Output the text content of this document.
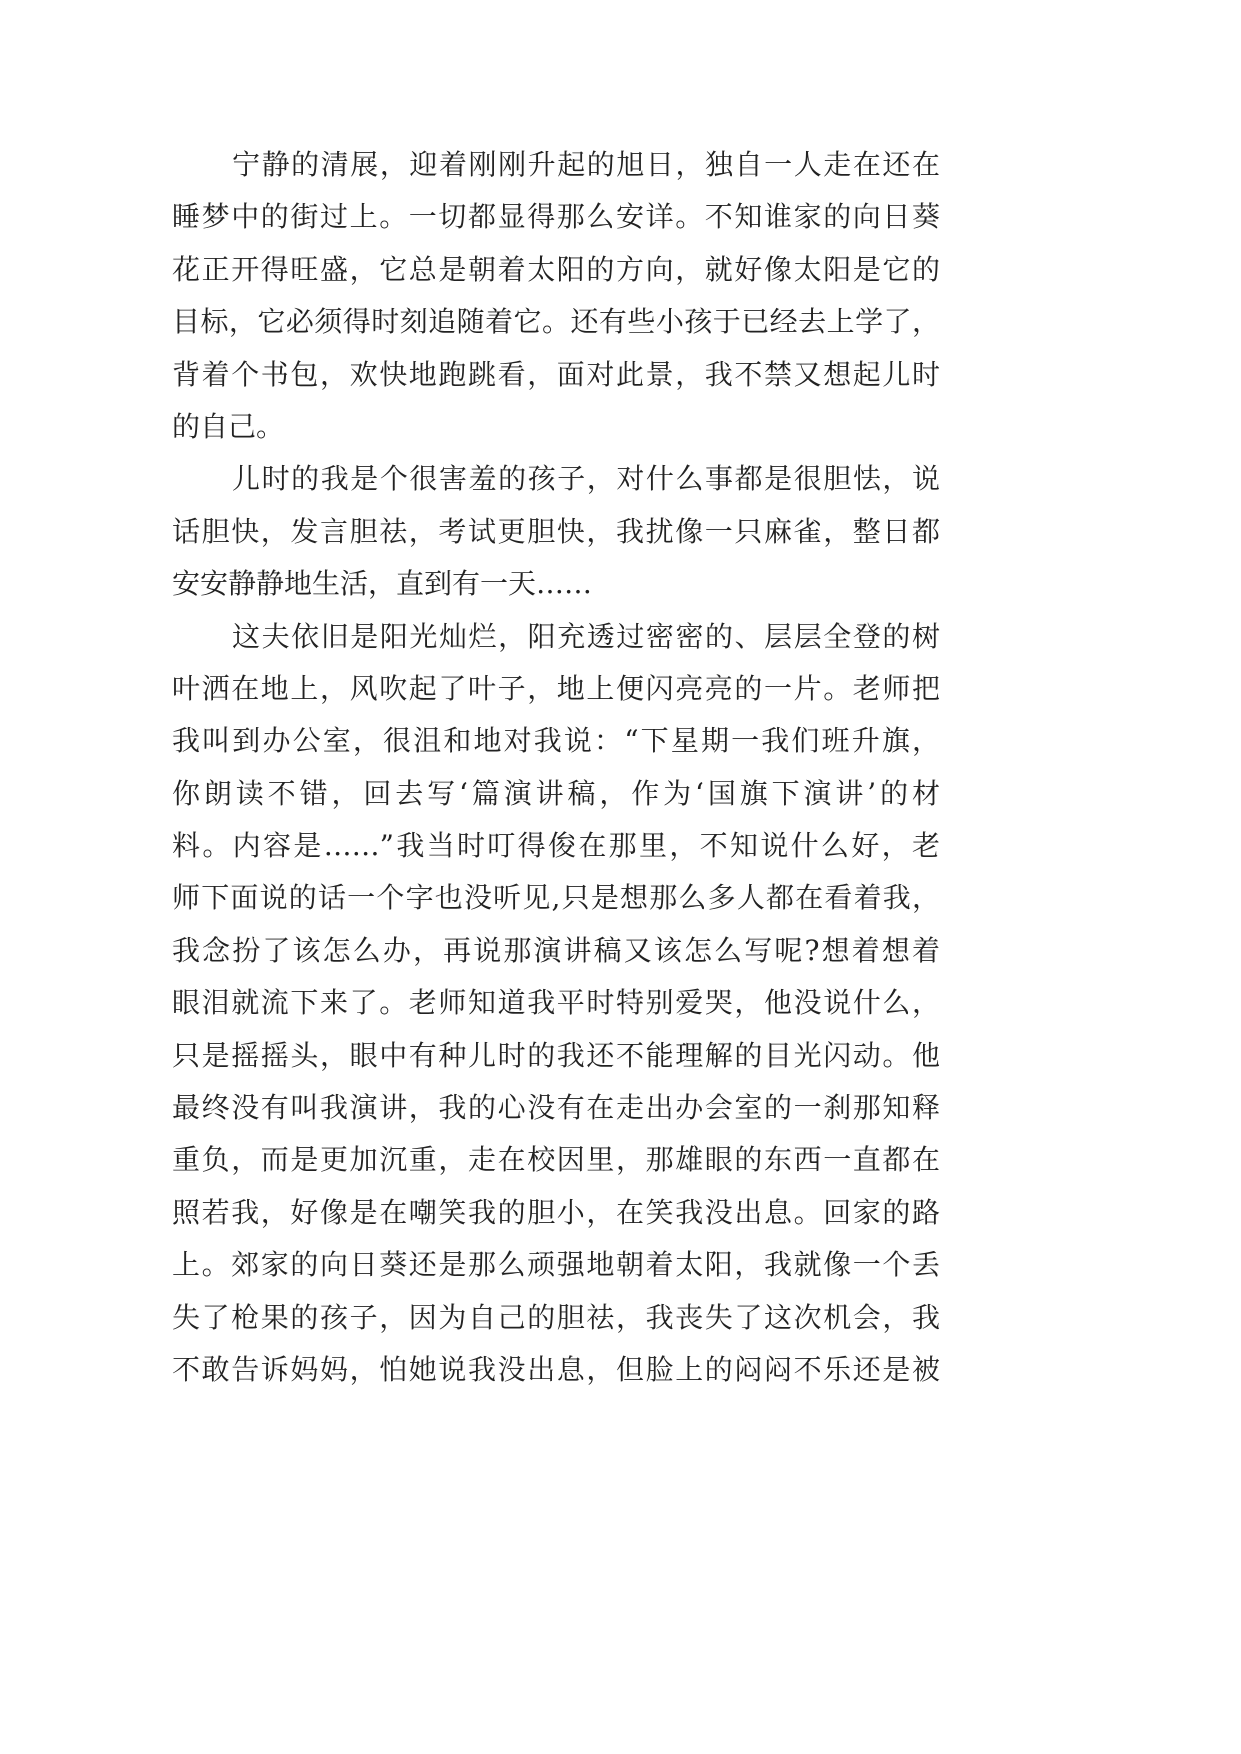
宁静的清展，迎着刚刚升起的旭日，独自一人走在还在
睡梦中的街过上。一切都显得那么安详。不知谁家的向日葵
花正开得旺盛，它总是朝着太阳的方向，就好像太阳是它的
目标，它必须得时刻追随着它。还有些小孩于已经去上学了，
背着个书包，欢快地跑跳看，面对此景，我不禁又想起儿时
的自己。
儿时的我是个很害羞的孩子，对什么事都是很胆怯，说
话胆快，发言胆祛，考试更胆快，我扰像一只麻雀，整日都
安安静静地生活，直到有一天……
这夫依旧是阳光灿烂，阳充透过密密的、层层全登的树
叶洒在地上，风吹起了叶子，地上便闪亮亮的一片。老师把
我叫到办公室，很沮和地对我说：“下星期一我们班升旗，
你朗读不错，回去写‘篇演讲稿，作为‘国旗下演讲’的材
料。内容是……”我当时叮得俊在那里，不知说什么好，老
师下面说的话一个字也没听见,只是想那么多人都在看着我，
我念扮了该怎么办，再说那演讲稿又该怎么写呢?想着想着
眼泪就流下来了。老师知道我平时特别爱哭，他没说什么，
只是摇摇头，眼中有种儿时的我还不能理解的目光闪动。他
最终没有叫我演讲，我的心没有在走出办会室的一刹那知释
重负，而是更加沉重，走在校因里，那雄眼的东西一直都在
照若我，好像是在嘲笑我的胆小，在笑我没出息。回家的路
上。郊家的向日葵还是那么顽强地朝着太阳，我就像一个丢
失了枪果的孩子，因为自己的胆祛，我丧失了这次机会，我
不敢告诉妈妈，怕她说我没出息，但脸上的闷闷不乐还是被
